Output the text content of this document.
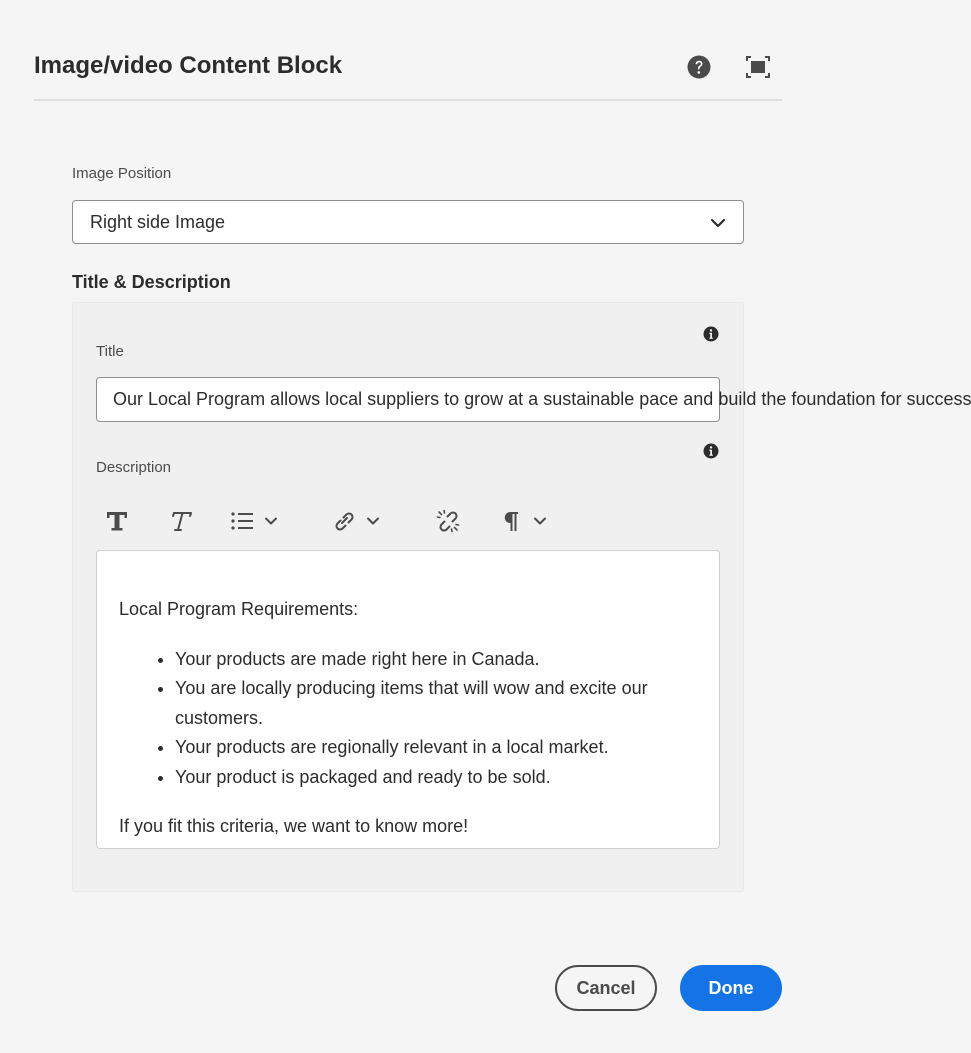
Image/video Content Block
Image Position
Right side Image
Title & Description
Title
Our Local Program allows local suppliers to grow at a sustainable pace and build the foundation for success
Description
Local Program Requirements:
• Your products are made right here in Canada.
• You are locally producing items that will wow and excite our customers.
• Your products are regionally relevant in a local market.
• Your product is packaged and ready to be sold.
If you fit this criteria, we want to know more!
Cancel	Done
